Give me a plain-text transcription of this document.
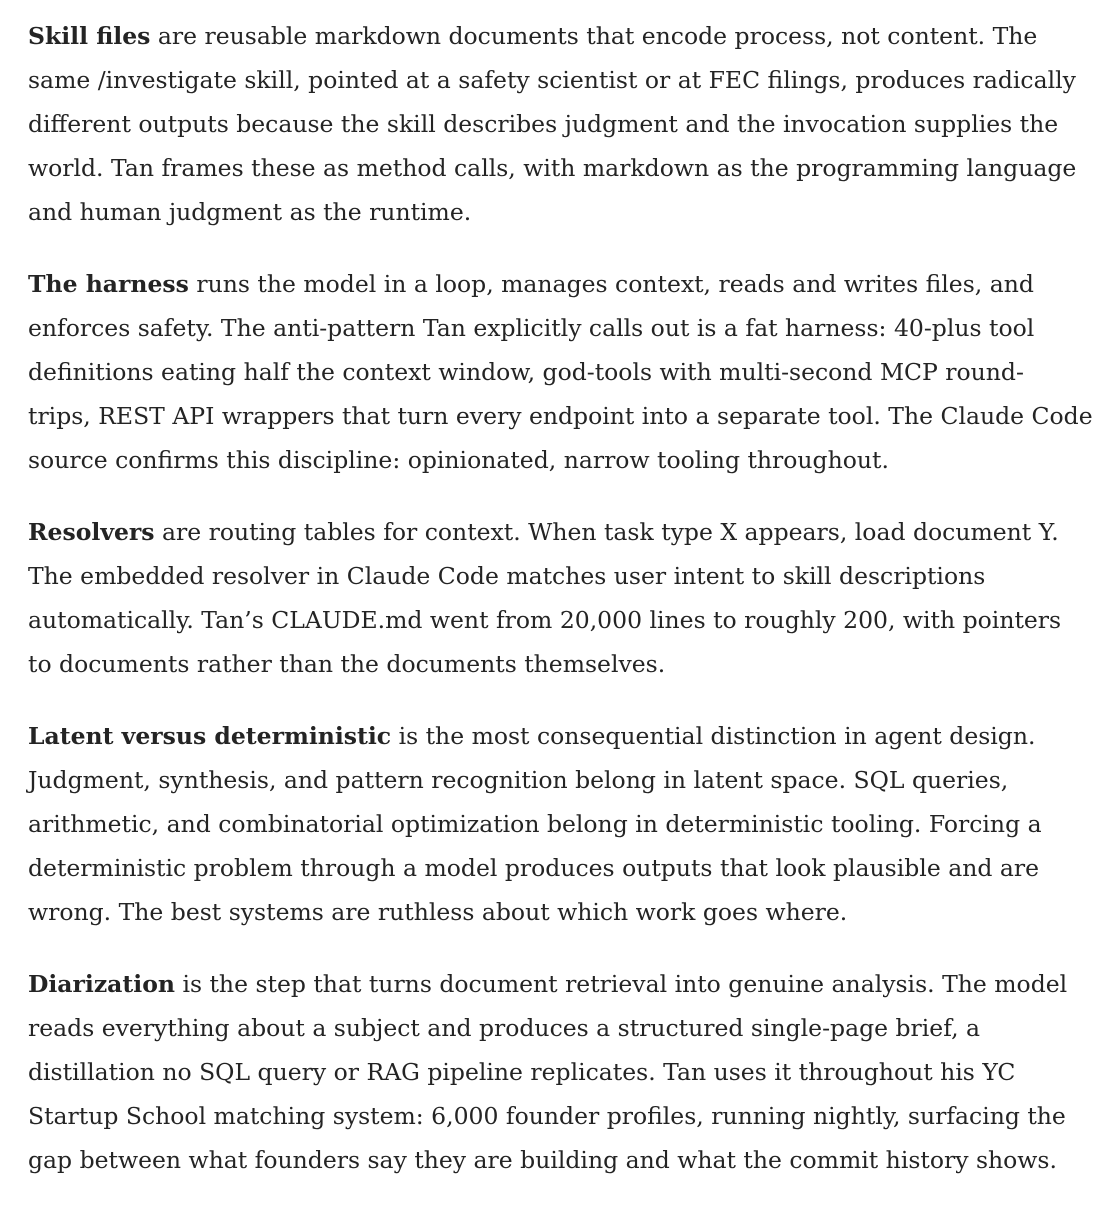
Skill files are reusable markdown documents that encode process, not content. The
same /investigate skill, pointed at a safety scientist or at FEC filings, produces radically
different outputs because the skill describes judgment and the invocation supplies the
world. Tan frames these as method calls, with markdown as the programming language
and human judgment as the runtime.

The harness runs the model in a loop, manages context, reads and writes files, and
enforces safety. The anti-pattern Tan explicitly calls out is a fat harness: 40-plus tool
definitions eating half the context window, god-tools with multi-second MCP round-
trips, REST API wrappers that turn every endpoint into a separate tool. The Claude Code
source confirms this discipline: opinionated, narrow tooling throughout.

Resolvers are routing tables for context. When task type X appears, load document Y.
The embedded resolver in Claude Code matches user intent to skill descriptions
automatically. Tan’s CLAUDE.md went from 20,000 lines to roughly 200, with pointers
to documents rather than the documents themselves.

Latent versus deterministic is the most consequential distinction in agent design.
Judgment, synthesis, and pattern recognition belong in latent space. SQL queries,
arithmetic, and combinatorial optimization belong in deterministic tooling. Forcing a
deterministic problem through a model produces outputs that look plausible and are
wrong. The best systems are ruthless about which work goes where.

Diarization is the step that turns document retrieval into genuine analysis. The model
reads everything about a subject and produces a structured single-page brief, a
distillation no SQL query or RAG pipeline replicates. Tan uses it throughout his YC
Startup School matching system: 6,000 founder profiles, running nightly, surfacing the
gap between what founders say they are building and what the commit history shows.
